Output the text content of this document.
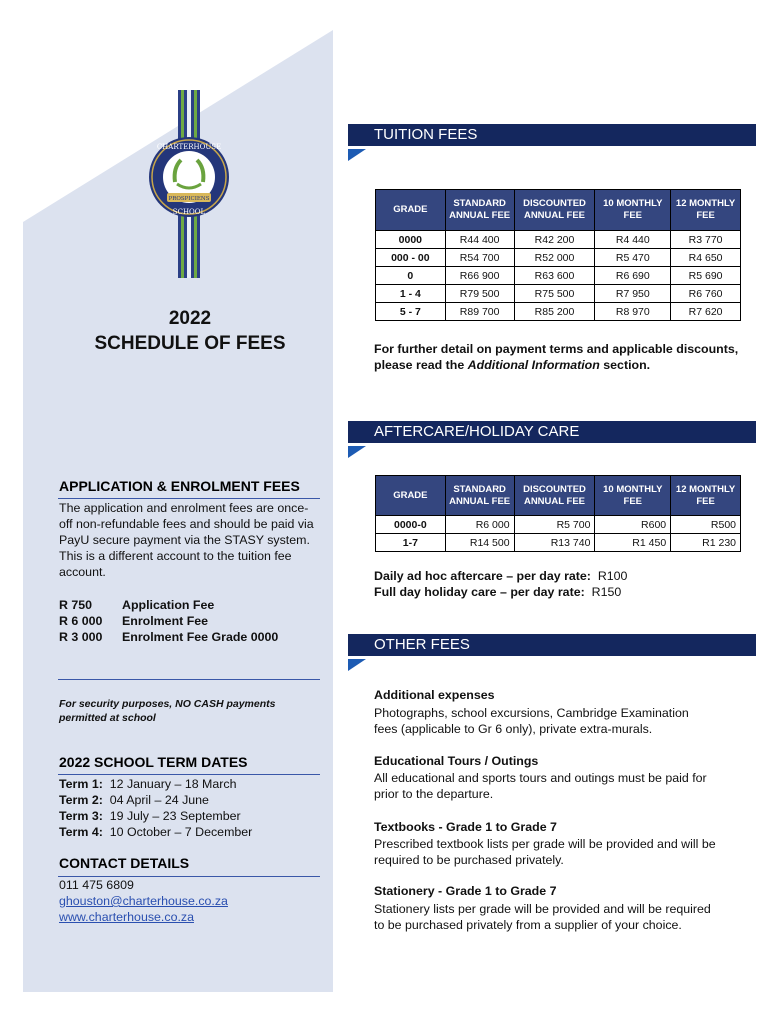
PROSPICIENS
CHARTERHOUSE
SCHOOL
2022
SCHEDULE OF FEES
APPLICATION & ENROLMENT FEES
The application and enrolment fees are once-off non-refundable fees and should be paid via PayU secure payment via the STASY system. This is a different account to the tuition fee account.
R 750 Application Fee
R 6 000 Enrolment Fee
R 3 000 Enrolment Fee Grade 0000
For security purposes, NO CASH payments permitted at school
2022 SCHOOL TERM DATES
Term 1: 12 January – 18 March
Term 2: 04 April – 24 June
Term 3: 19 July – 23 September
Term 4: 10 October – 7 December
CONTACT DETAILS
011 475 6809
ghouston@charterhouse.co.za
www.charterhouse.co.za
TUITION FEES
GRADE	STANDARD ANNUAL FEE	DISCOUNTED ANNUAL FEE	10 MONTHLY FEE	12 MONTHLY FEE
0000	R44 400	R42 200	R4 440	R3 770
000 - 00	R54 700	R52 000	R5 470	R4 650
0	R66 900	R63 600	R6 690	R5 690
1 - 4	R79 500	R75 500	R7 950	R6 760
5 - 7	R89 700	R85 200	R8 970	R7 620
For further detail on payment terms and applicable discounts, please read the Additional Information section.
AFTERCARE/HOLIDAY CARE
GRADE	STANDARD ANNUAL FEE	DISCOUNTED ANNUAL FEE	10 MONTHLY FEE	12 MONTHLY FEE
0000-0	R6 000	R5 700	R600	R500
1-7	R14 500	R13 740	R1 450	R1 230
Daily ad hoc aftercare – per day rate: R100
Full day holiday care – per day rate: R150
OTHER FEES
Additional expenses
Photographs, school excursions, Cambridge Examination fees (applicable to Gr 6 only), private extra-murals.
Educational Tours / Outings
All educational and sports tours and outings must be paid for prior to the departure.
Textbooks - Grade 1 to Grade 7
Prescribed textbook lists per grade will be provided and will be required to be purchased privately.
Stationery - Grade 1 to Grade 7
Stationery lists per grade will be provided and will be required to be purchased privately from a supplier of your choice.
